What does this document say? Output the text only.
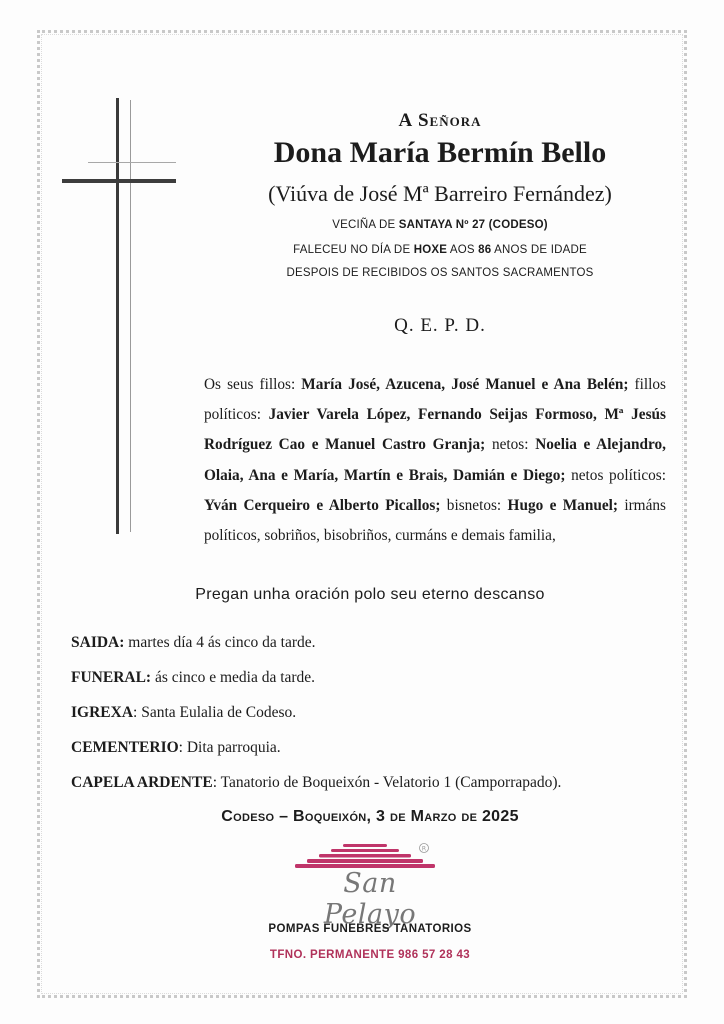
A Señora
Dona María Bermín Bello
(Viúva de José Mª Barreiro Fernández)
VECIÑA DE SANTAYA Nº 27 (CODESO)
FALECEU NO DÍA DE HOXE AOS 86 ANOS DE IDADE
DESPOIS DE RECIBIDOS OS SANTOS SACRAMENTOS
Q. E. P. D.

Os seus fillos: María José, Azucena, José Manuel e Ana Belén; fillos políticos: Javier Varela López, Fernando Seijas Formoso, Mª Jesús Rodríguez Cao e Manuel Castro Granja; netos: Noelia e Alejandro, Olaia, Ana e María, Martín e Brais, Damián e Diego; netos políticos: Yván Cerqueiro e Alberto Picallos; bisnetos: Hugo e Manuel; irmáns políticos, sobriños, bisobriños, curmáns e demais familia,

Pregan unha oración polo seu eterno descanso
SAIDA: martes día 4 ás cinco da tarde.
FUNERAL: ás cinco e media da tarde.
IGREXA: Santa Eulalia de Codeso.
CEMENTERIO: Dita parroquia.
CAPELA ARDENTE: Tanatorio de Boqueixón - Velatorio 1 (Camporrapado).
Codeso – Boqueixón, 3 de Marzo de 2025
R
San Pelayo
POMPAS FUNEBRES TANATORIOS
TFNO. PERMANENTE 986 57 28 43
